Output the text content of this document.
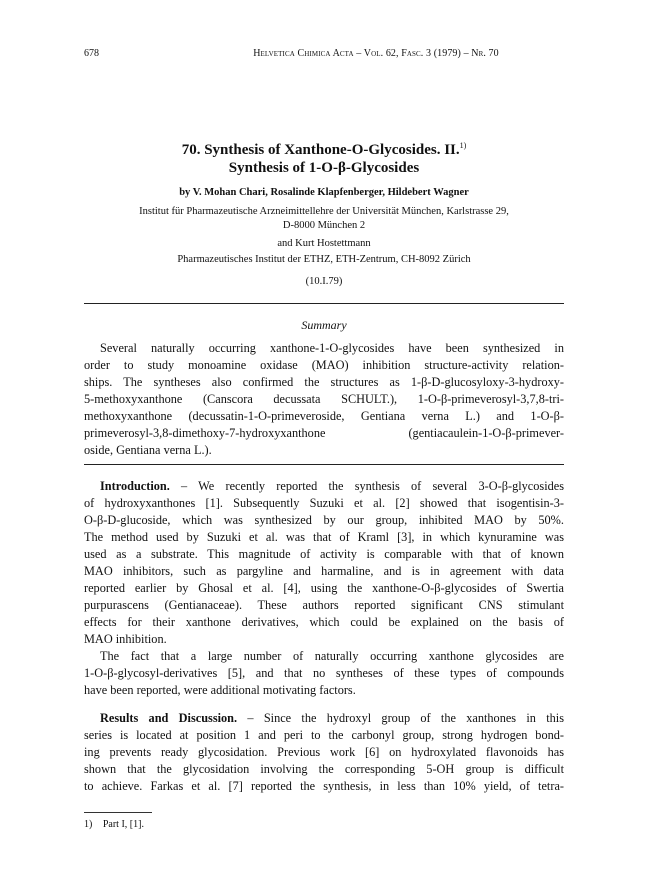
678	Helvetica Chimica Acta – Vol. 62, Fasc. 3 (1979) – Nr. 70
70. Synthesis of Xanthone-O-Glycosides. II.$^{1)}$
Synthesis of 1-O-β-Glycosides
by V. Mohan Chari, Rosalinde Klapfenberger, Hildebert Wagner
Institut für Pharmazeutische Arzneimittellehre der Universität München, Karlstrasse 29,
D-8000 München 2
and Kurt Hostettmann
Pharmazeutisches Institut der ETHZ, ETH-Zentrum, CH-8092 Zürich
(10.I.79)
Summary
Several naturally occurring xanthone-1-O-glycosides have been synthesized in
order to study monoamine oxidase (MAO) inhibition structure-activity relation-
ships. The syntheses also confirmed the structures as 1-β-D-glucosyloxy-3-hydroxy-
5-methoxyxanthone (Canscora decussata SCHULT.), 1-O-β-primeverosyl-3,7,8-tri-
methoxyxanthone (decussatin-1-O-primeveroside, Gentiana verna L.) and 1-O-β-
primeverosyl-3,8-dimethoxy-7-hydroxyxanthone (gentiacaulein-1-O-β-primever-
oside, Gentiana verna L.).
Introduction. – We recently reported the synthesis of several 3-O-β-glycosides
of hydroxyxanthones [1]. Subsequently Suzuki et al. [2] showed that isogentisin-3-
O-β-D-glucoside, which was synthesized by our group, inhibited MAO by 50%.
The method used by Suzuki et al. was that of Kraml [3], in which kynuramine was
used as a substrate. This magnitude of activity is comparable with that of known
MAO inhibitors, such as pargyline and harmaline, and is in agreement with data
reported earlier by Ghosal et al. [4], using the xanthone-O-β-glycosides of Swertia
purpurascens (Gentianaceae). These authors reported significant CNS stimulant
effects for their xanthone derivatives, which could be explained on the basis of
MAO inhibition.
The fact that a large number of naturally occurring xanthone glycosides are
1-O-β-glycosyl-derivatives [5], and that no syntheses of these types of compounds
have been reported, were additional motivating factors.
Results and Discussion. – Since the hydroxyl group of the xanthones in this
series is located at position 1 and peri to the carbonyl group, strong hydrogen bond-
ing prevents ready glycosidation. Previous work [6] on hydroxylated flavonoids has
shown that the glycosidation involving the corresponding 5-OH group is difficult
to achieve. Farkas et al. [7] reported the synthesis, in less than 10% yield, of tetra-
1) Part I, [1].
